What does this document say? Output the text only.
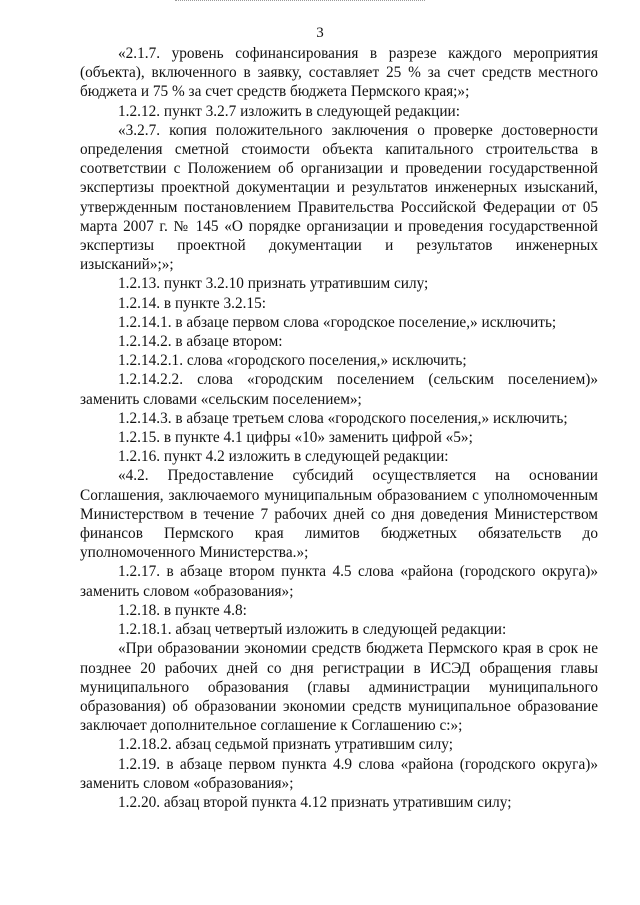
3

«2.1.7. уровень софинансирования в разрезе каждого мероприятия (объекта), включенного в заявку, составляет 25 % за счет средств местного бюджета и 75 % за счет средств бюджета Пермского края;»;

1.2.12. пункт 3.2.7 изложить в следующей редакции:

«3.2.7. копия положительного заключения о проверке достоверности определения сметной стоимости объекта капитального строительства в соответствии с Положением об организации и проведении государственной экспертизы проектной документации и результатов инженерных изысканий, утвержденным постановлением Правительства Российской Федерации от 05 марта 2007 г. № 145 «О порядке организации и проведения государственной экспертизы проектной документации и результатов инженерных изысканий»;»;

1.2.13. пункт 3.2.10 признать утратившим силу;

1.2.14. в пункте 3.2.15:

1.2.14.1. в абзаце первом слова «городское поселение,» исключить;

1.2.14.2. в абзаце втором:

1.2.14.2.1. слова «городского поселения,» исключить;

1.2.14.2.2. слова «городским поселением (сельским поселением)» заменить словами «сельским поселением»;

1.2.14.3. в абзаце третьем слова «городского поселения,» исключить;

1.2.15. в пункте 4.1 цифры «10» заменить цифрой «5»;

1.2.16. пункт 4.2 изложить в следующей редакции:

«4.2. Предоставление субсидий осуществляется на основании Соглашения, заключаемого муниципальным образованием с уполномоченным Министерством в течение 7 рабочих дней со дня доведения Министерством финансов Пермского края лимитов бюджетных обязательств до уполномоченного Министерства.»;

1.2.17. в абзаце втором пункта 4.5 слова «района (городского округа)» заменить словом «образования»;

1.2.18. в пункте 4.8:

1.2.18.1. абзац четвертый изложить в следующей редакции:

«При образовании экономии средств бюджета Пермского края в срок не позднее 20 рабочих дней со дня регистрации в ИСЭД обращения главы муниципального образования (главы администрации муниципального образования) об образовании экономии средств муниципальное образование заключает дополнительное соглашение к Соглашению с:»;

1.2.18.2. абзац седьмой признать утратившим силу;

1.2.19. в абзаце первом пункта 4.9 слова «района (городского округа)» заменить словом «образования»;

1.2.20. абзац второй пункта 4.12 признать утратившим силу;
